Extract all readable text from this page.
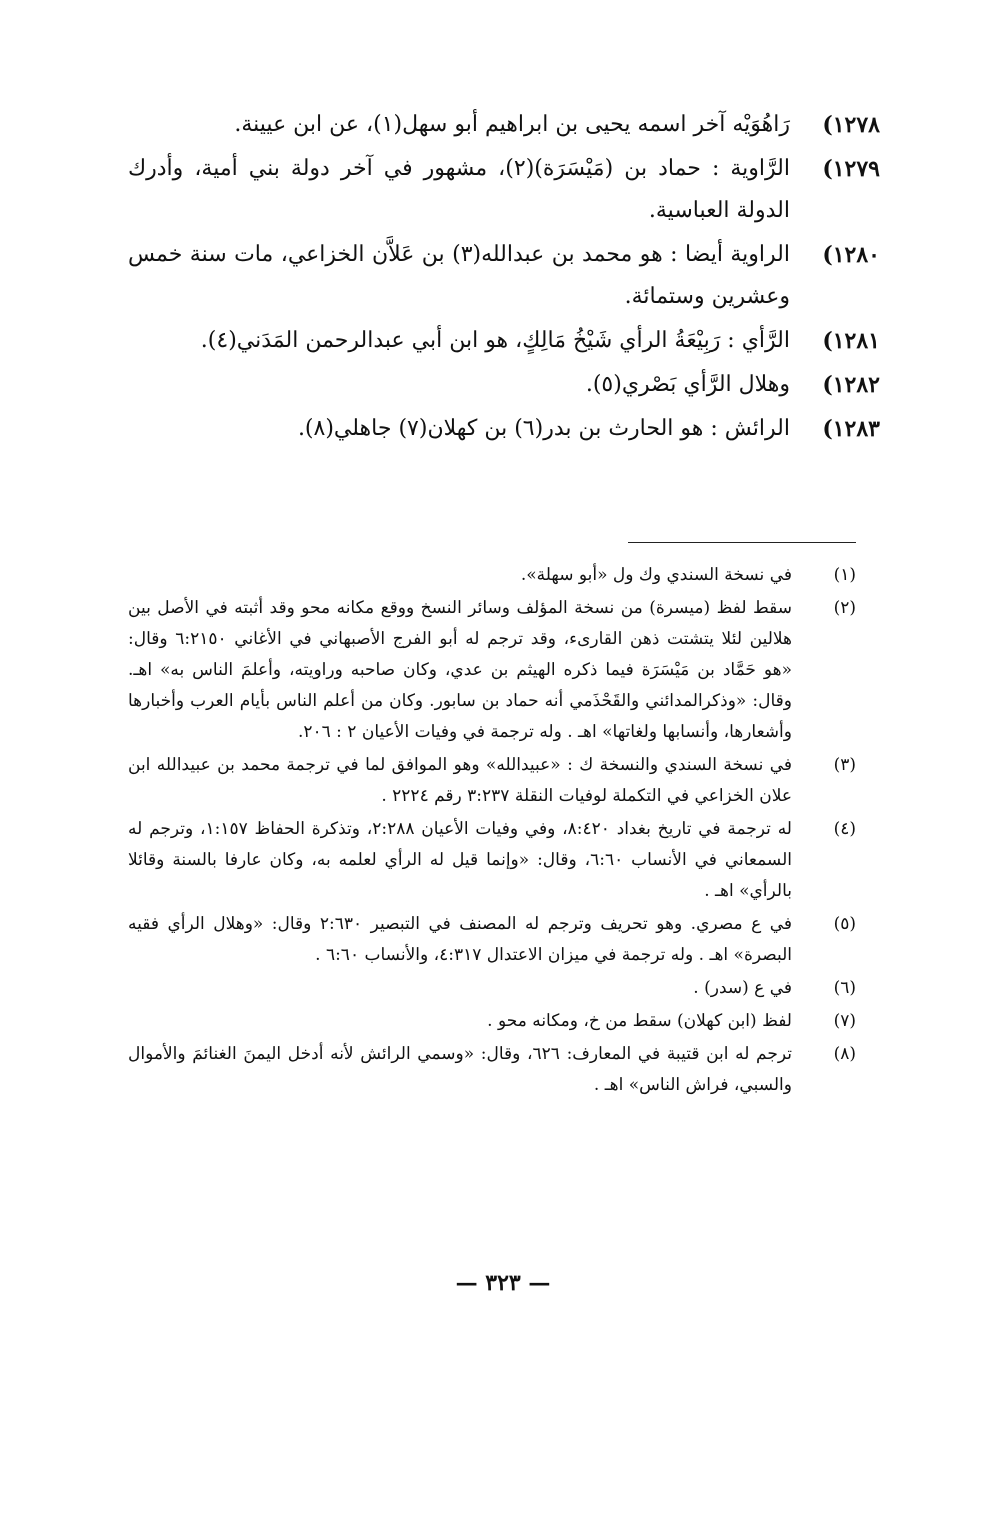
١٢٧٨)
رَاهُوَيْه آخر اسمه يحيى بن ابراهيم أبو سهل(١)، عن ابن عيينة.
١٢٧٩)
الرَّاوية : حماد بن (مَيْسَرَة)(٢)، مشهور في آخر دولة بني أمية، وأدرك الدولة العباسية.
١٢٨٠)
الراوية أيضا : هو محمد بن عبدالله(٣) بن عَلاَّن الخزاعي، مات سنة خمس وعشرين وستمائة.
١٢٨١)
الرَّأي : رَبِيْعَةُ الرأي شَيْخُ مَالِكٍ، هو ابن أبي عبدالرحمن المَدَني(٤).
١٢٨٢)
وهلال الرَّأي بَصْري(٥).
١٢٨٣)
الرائش : هو الحارث بن بدر(٦) بن كهلان(٧) جاهلي(٨).
(١)
في نسخة السندي وك ول «أبو سهلة».
(٢)
سقط لفظ (ميسرة) من نسخة المؤلف وسائر النسخ ووقع مكانه محو وقد أثبته في الأصل بين هلالين لئلا يتشتت ذهن القارىء، وقد ترجم له أبو الفرج الأصبهاني في الأغاني ٦:٢١٥٠ وقال: «هو حَمَّاد بن مَيْسَرَة فيما ذكره الهيثم بن عدي، وكان صاحبه وراويته، وأعلمَ الناس به» اهـ. وقال: «وذكرالمدائني والقَحْذَمي أنه حماد بن سابور. وكان من أعلم الناس بأيام العرب وأخبارها وأشعارها، وأنسابها ولغاتها» اهـ . وله ترجمة في وفيات الأعيان ٢ : ٢٠٦.
(٣)
في نسخة السندي والنسخة ك : «عبيدالله» وهو الموافق لما في ترجمة محمد بن عبيدالله ابن علان الخزاعي في التكملة لوفيات النقلة ٣:٢٣٧ رقم ٢٢٢٤ .
(٤)
له ترجمة في تاريخ بغداد ٨:٤٢٠، وفي وفيات الأعيان ٢:٢٨٨، وتذكرة الحفاظ ١:١٥٧، وترجم له السمعاني في الأنساب ٦:٦٠، وقال: «وإنما قيل له الرأي لعلمه به، وكان عارفا بالسنة وقائلا بالرأي» اهـ .
(٥)
في ع مصري. وهو تحريف وترجم له المصنف في التبصير ٢:٦٣٠ وقال: «وهلال الرأي فقيه البصرة» اهـ . وله ترجمة في ميزان الاعتدال ٤:٣١٧، والأنساب ٦:٦٠ .
(٦)
في ع (سدر) .
(٧)
لفظ (ابن كهلان) سقط من خ، ومكانه محو .
(٨)
ترجم له ابن قتيبة في المعارف: ٦٢٦، وقال: «وسمي الرائش لأنه أدخل اليمنَ الغنائمَ والأموال والسبي، فراش الناس» اهـ .
— ٣٢٣ —
